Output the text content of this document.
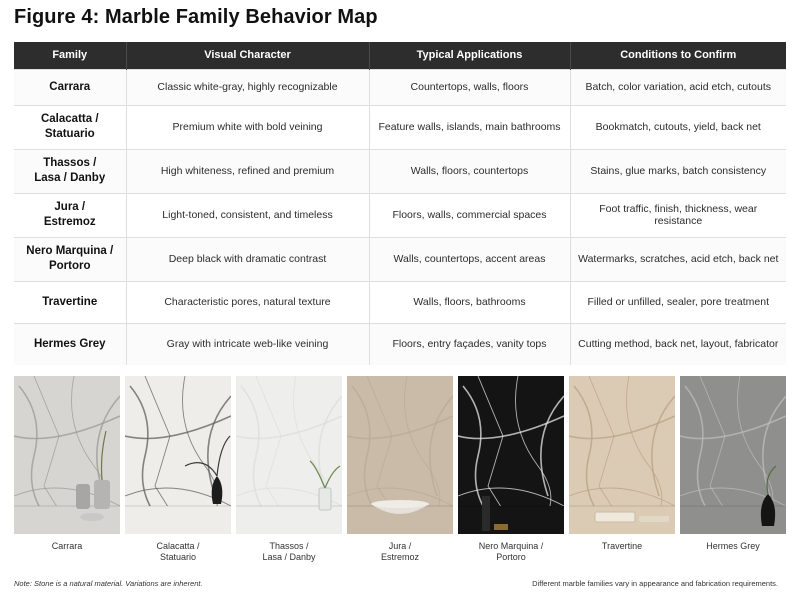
Figure 4: Marble Family Behavior Map
Family	Visual Character	Typical Applications	Conditions to Confirm
Carrara	Classic white-gray, highly recognizable	Countertops, walls, floors	Batch, color variation, acid etch, cutouts
Calacatta /
Statuario	Premium white with bold veining	Feature walls, islands, main bathrooms	Bookmatch, cutouts, yield, back net
Thassos /
Lasa / Danby	High whiteness, refined and premium	Walls, floors, countertops	Stains, glue marks, batch consistency
Jura /
Estremoz	Light-toned, consistent, and timeless	Floors, walls, commercial spaces	Foot traffic, finish, thickness, wear resistance
Nero Marquina /
Portoro	Deep black with dramatic contrast	Walls, countertops, accent areas	Watermarks, scratches, acid etch, back net
Travertine	Characteristic pores, natural texture	Walls, floors, bathrooms	Filled or unfilled, sealer, pore treatment
Hermes Grey	Gray with intricate web-like veining	Floors, entry façades, vanity tops	Cutting method, back net, layout, fabricator
Carrara	Calacatta /
Statuario
Thassos /
Lasa / Danby
Jura /
Estremoz
Nero Marquina /
Portoro
Travertine	Hermes Grey
Note: Stone is a natural material. Variations are inherent.	Different marble families vary in appearance and fabrication requirements.
